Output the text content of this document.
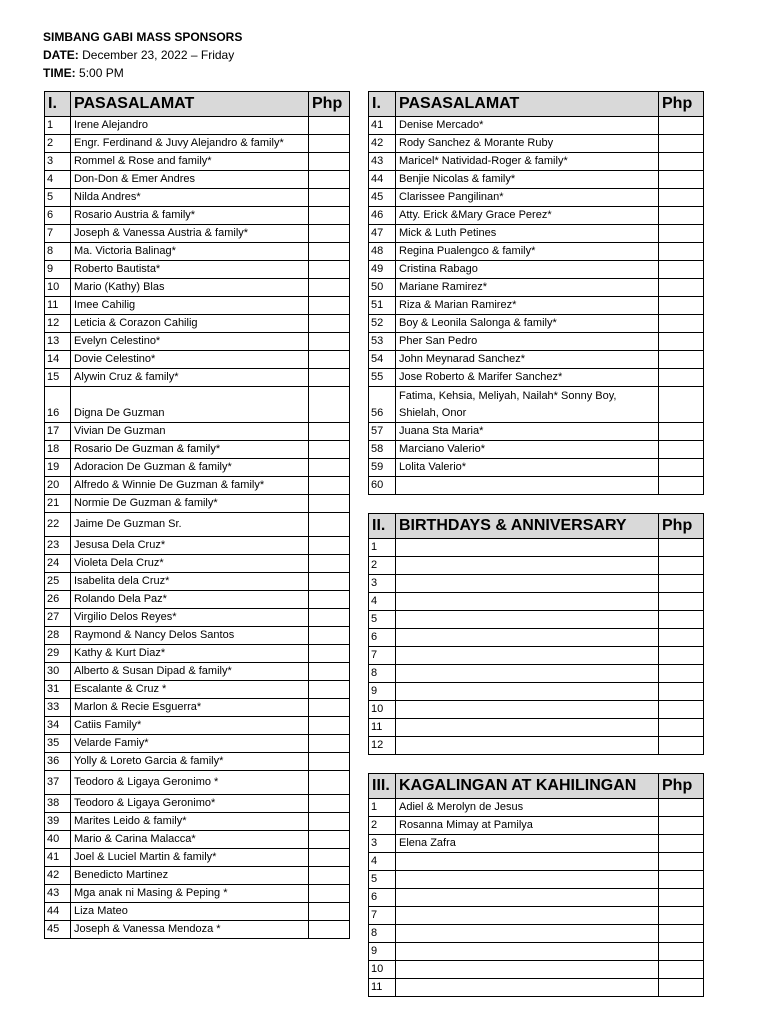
SIMBANG GABI MASS SPONSORS
DATE: December 23, 2022 – Friday
TIME: 5:00 PM
I.	PASASALAMAT	Php
1	Irene Alejandro	
2	Engr. Ferdinand & Juvy Alejandro & family*	
3	Rommel & Rose and family*	
4	Don-Don & Emer Andres	
5	Nilda Andres*	
6	Rosario Austria & family*	
7	Joseph & Vanessa Austria & family*	
8	Ma. Victoria Balinag*	
9	Roberto Bautista*	
10	Mario (Kathy) Blas	
11	Imee Cahilig	
12	Leticia & Corazon Cahilig	
13	Evelyn Celestino*	
14	Dovie Celestino*	
15	Alywin Cruz & family*	
16	Digna De Guzman	
17	Vivian De Guzman	
18	Rosario De Guzman & family*	
19	Adoracion De Guzman & family*	
20	Alfredo & Winnie De Guzman & family*	
21	Normie De Guzman & family*	
22	Jaime De Guzman Sr.	
23	Jesusa Dela Cruz*	
24	Violeta Dela Cruz*	
25	Isabelita dela Cruz*	
26	Rolando Dela Paz*	
27	Virgilio Delos Reyes*	
28	Raymond & Nancy Delos Santos	
29	Kathy & Kurt Diaz*	
30	Alberto & Susan Dipad & family*	
31	Escalante & Cruz *	
33	Marlon & Recie Esguerra*	
34	Catiis Family*	
35	Velarde Famiy*	
36	Yolly & Loreto Garcia & family*	
37	Teodoro & Ligaya Geronimo *	
38	Teodoro & Ligaya Geronimo*	
39	Marites Leido & family*	
40	Mario & Carina Malacca*	
41	Joel & Luciel Martin & family*	
42	Benedicto Martinez	
43	Mga anak ni Masing & Peping *	
44	Liza Mateo	
45	Joseph & Vanessa Mendoza *	
I.	PASASALAMAT	Php
41	Denise Mercado*	
42	Rody Sanchez & Morante Ruby	
43	Maricel* Natividad-Roger & family*	
44	Benjie Nicolas & family*	
45	Clarissee Pangilinan*	
46	Atty. Erick &Mary Grace Perez*	
47	Mick & Luth Petines	
48	Regina Pualengco & family*	
49	Cristina Rabago	
50	Mariane Ramirez*	
51	Riza & Marian Ramirez*	
52	Boy & Leonila Salonga & family*	
53	Pher San Pedro	
54	John Meynarad Sanchez*	
55	Jose Roberto & Marifer Sanchez*	
56	Fatima, Kehsia, Meliyah, Nailah* Sonny Boy, Shielah, Onor	
57	Juana Sta Maria*	
58	Marciano Valerio*	
59	Lolita Valerio*	
60		
II.	BIRTHDAYS & ANNIVERSARY	Php
1		
2		
3		
4		
5		
6		
7		
8		
9		
10		
11		
12		
III.	KAGALINGAN AT KAHILINGAN	Php
1	Adiel & Merolyn de Jesus	
2	Rosanna Mimay at Pamilya	
3	Elena Zafra	
4		
5		
6		
7		
8		
9		
10		
11		
